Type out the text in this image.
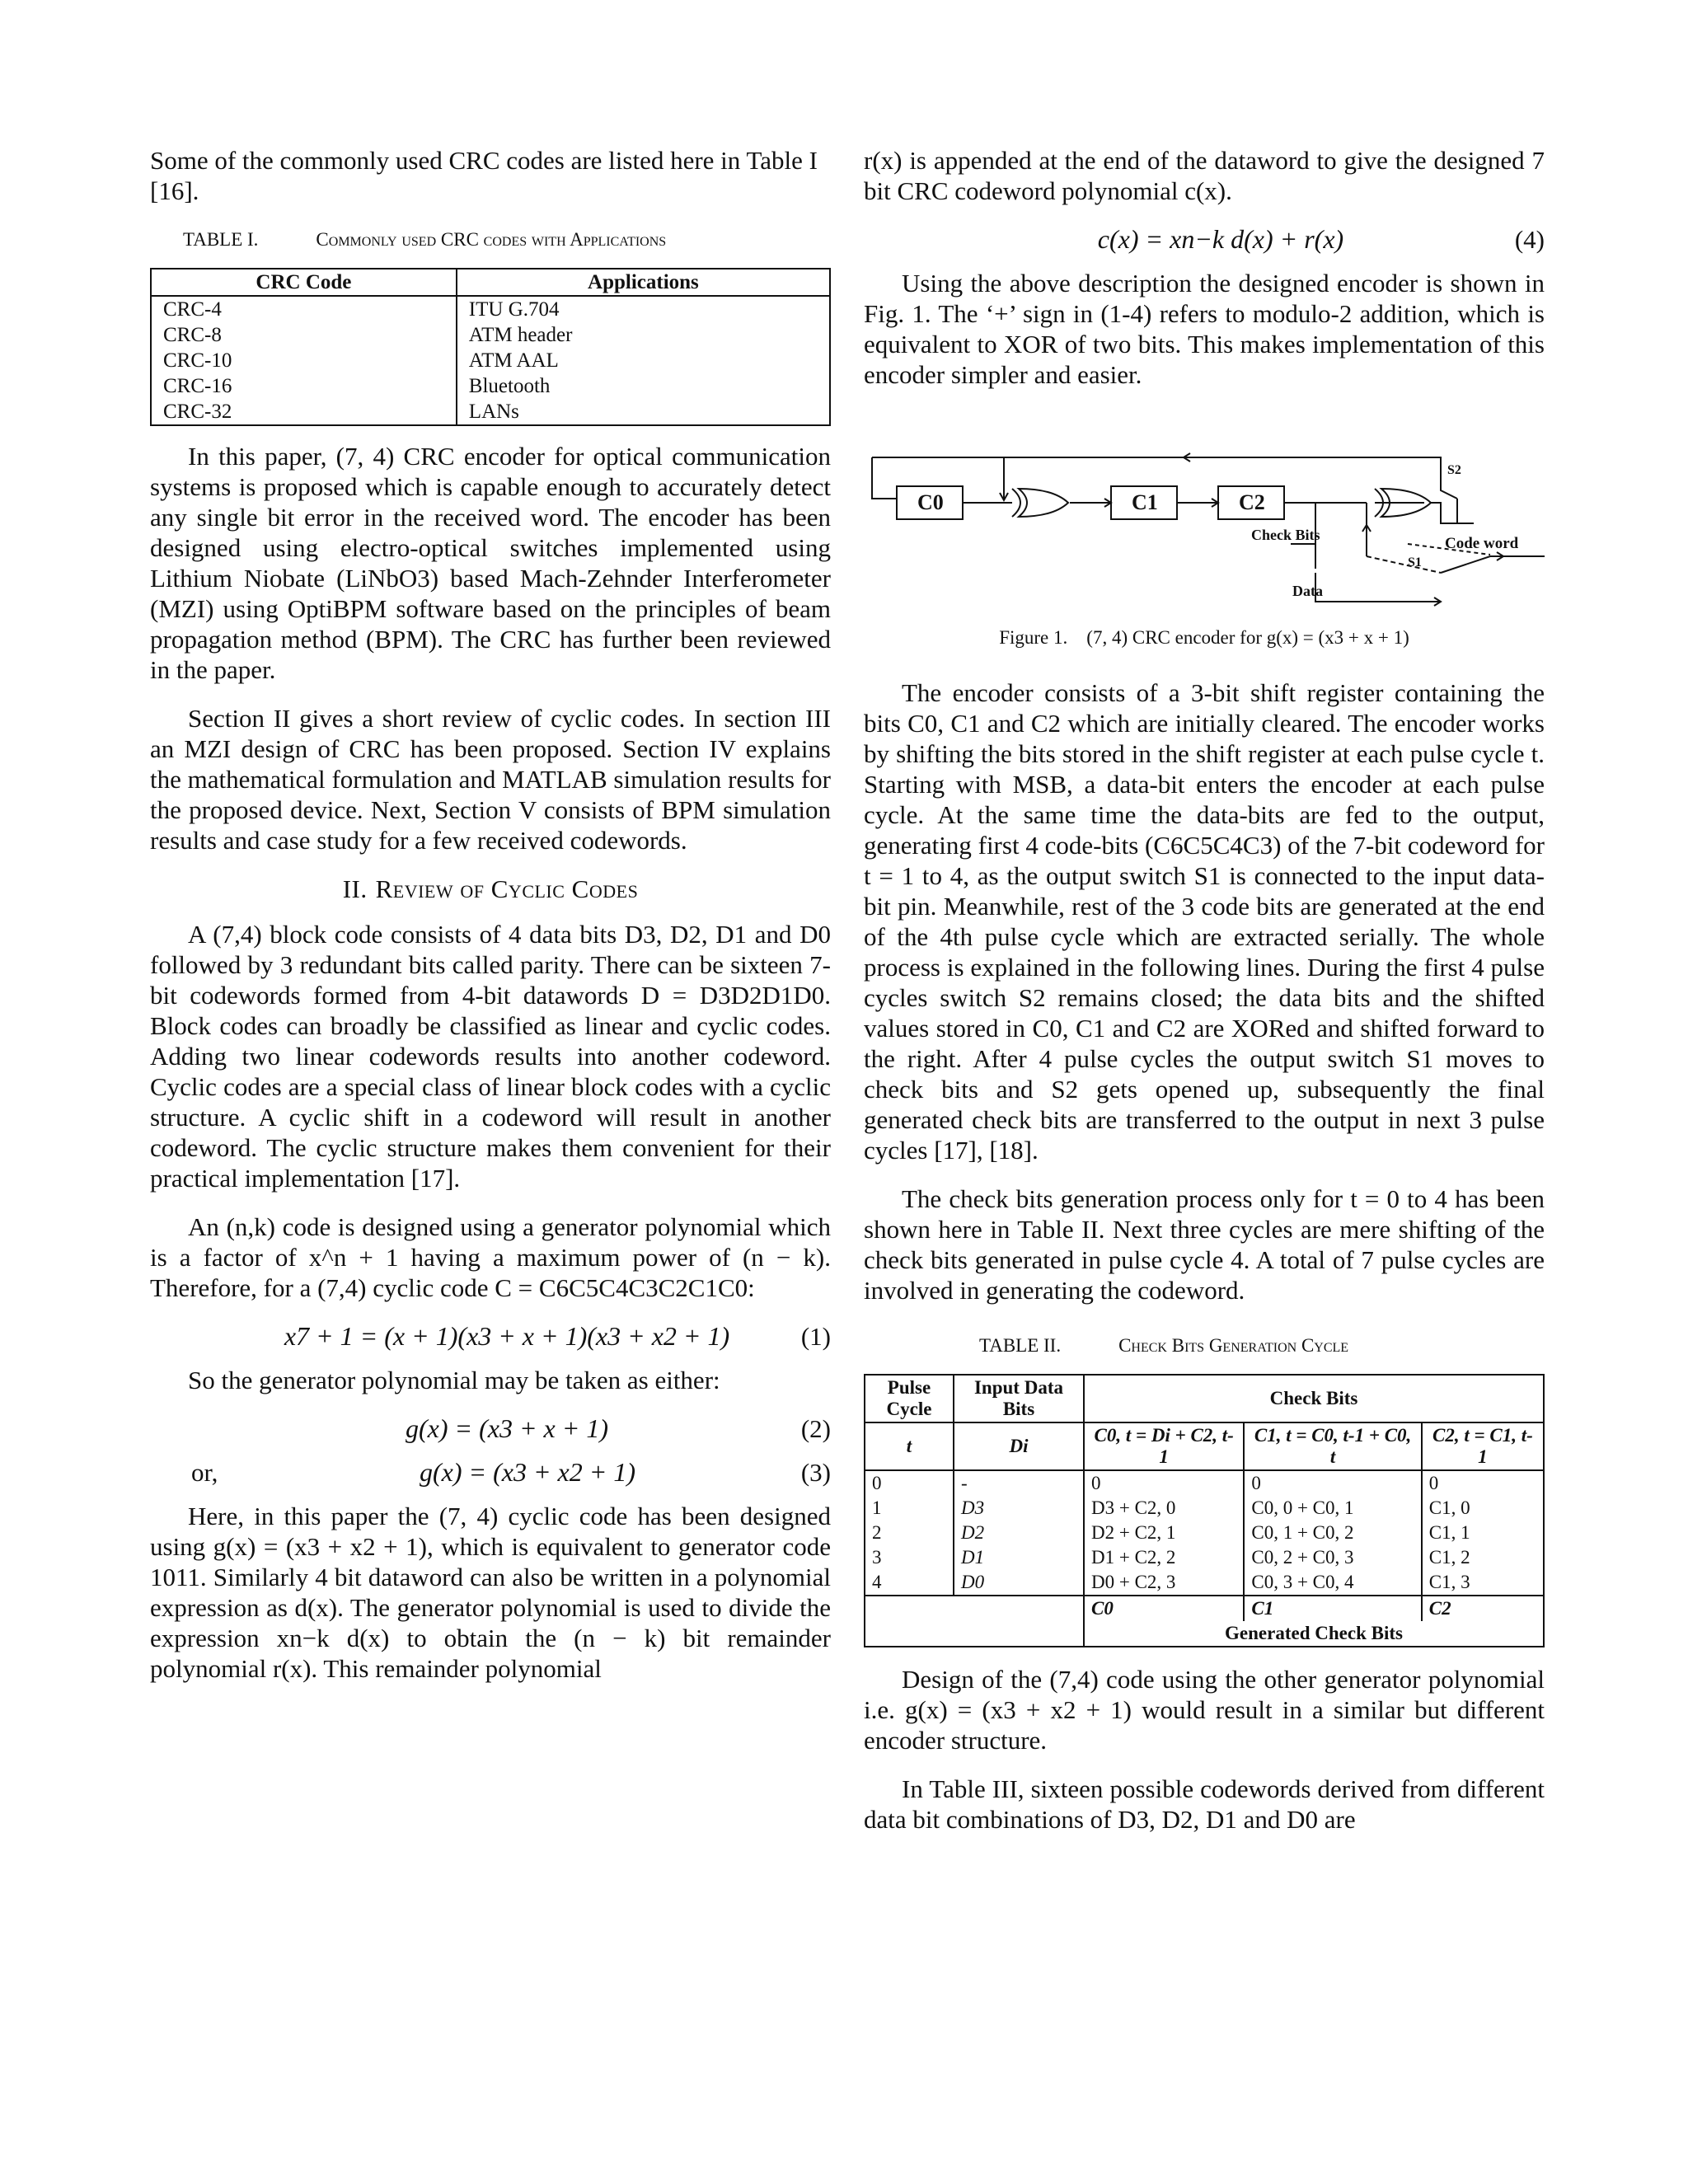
Some of the commonly used CRC codes are listed here in Table I [16].

TABLE I.	Commonly used CRC codes with Applications
CRC Code	Applications
CRC-4	ITU G.704
CRC-8	ATM header
CRC-10	ATM AAL
CRC-16	Bluetooth
CRC-32	LANs

In this paper, (7, 4) CRC encoder for optical communication systems is proposed which is capable enough to accurately detect any single bit error in the received word. The encoder has been designed using electro-optical switches implemented using Lithium Niobate (LiNbO3) based Mach-Zehnder Interferometer (MZI) using OptiBPM software based on the principles of beam propagation method (BPM). The CRC has further been reviewed in the paper.

Section II gives a short review of cyclic codes. In section III an MZI design of CRC has been proposed. Section IV explains the mathematical formulation and MATLAB simulation results for the proposed device. Next, Section V consists of BPM simulation results and case study for a few received codewords.

II. Review of Cyclic Codes

A (7,4) block code consists of 4 data bits D3, D2, D1 and D0 followed by 3 redundant bits called parity. There can be sixteen 7-bit codewords formed from 4-bit datawords D = D3D2D1D0. Block codes can broadly be classified as linear and cyclic codes. Adding two linear codewords results into another codeword. Cyclic codes are a special class of linear block codes with a cyclic structure. A cyclic shift in a codeword will result in another codeword. The cyclic structure makes them convenient for their practical implementation [17].

An (n,k) code is designed using a generator polynomial which is a factor of x^n + 1 having a maximum power of (n − k). Therefore, for a (7,4) cyclic code C = C6C5C4C3C2C1C0:

x7 + 1 = (x + 1)(x3 + x + 1)(x3 + x2 + 1)	(1)

So the generator polynomial may be taken as either:

g(x) = (x3 + x + 1)	(2)
or,	g(x) = (x3 + x2 + 1)	(3)

Here, in this paper the (7, 4) cyclic code has been designed using g(x) = (x3 + x2 + 1), which is equivalent to generator code 1011. Similarly 4 bit dataword can also be written in a polynomial expression as d(x). The generator polynomial is used to divide the expression xn−k d(x) to obtain the (n − k) bit remainder polynomial r(x). This remainder polynomial

r(x) is appended at the end of the dataword to give the designed 7 bit CRC codeword polynomial c(x).

c(x) = xn−k d(x) + r(x)	(4)

Using the above description the designed encoder is shown in Fig. 1. The ‘+’ sign in (1-4) refers to modulo-2 addition, which is equivalent to XOR of two bits. This makes implementation of this encoder simpler and easier.

C0	C1	C2
Check Bits
Data
Code word
S1
S2
Figure 1. (7, 4) CRC encoder for g(x) = (x3 + x + 1)

The encoder consists of a 3-bit shift register containing the bits C0, C1 and C2 which are initially cleared. The encoder works by shifting the bits stored in the shift register at each pulse cycle t. Starting with MSB, a data-bit enters the encoder at each pulse cycle. At the same time the data-bits are fed to the output, generating first 4 code-bits (C6C5C4C3) of the 7-bit codeword for t = 1 to 4, as the output switch S1 is connected to the input data-bit pin. Meanwhile, rest of the 3 code bits are generated at the end of the 4th pulse cycle which are extracted serially. The whole process is explained in the following lines. During the first 4 pulse cycles switch S2 remains closed; the data bits and the shifted values stored in C0, C1 and C2 are XORed and shifted forward to the right. After 4 pulse cycles the output switch S1 moves to check bits and S2 gets opened up, subsequently the final generated check bits are transferred to the output in next 3 pulse cycles [17], [18].

The check bits generation process only for t = 0 to 4 has been shown here in Table II. Next three cycles are mere shifting of the check bits generated in pulse cycle 4. A total of 7 pulse cycles are involved in generating the codeword.

TABLE II.	Check Bits Generation Cycle
Pulse Cycle	Input Data Bits	Check Bits		
t	Di	C0, t = Di + C2, t-1	C1, t = C0, t-1 + C0, t	C2, t = C1, t-1
0	-	0	0	0
1	D3	D3 + C2, 0	C0, 0 + C0, 1	C1, 0
2	D2	D2 + C2, 1	C0, 1 + C0, 2	C1, 1
3	D1	D1 + C2, 2	C0, 2 + C0, 3	C1, 2
4	D0	D0 + C2, 3	C0, 3 + C0, 4	C1, 3
		C0	C1	C2
		Generated Check Bits		

Design of the (7,4) code using the other generator polynomial i.e. g(x) = (x3 + x2 + 1) would result in a similar but different encoder structure.

In Table III, sixteen possible codewords derived from different data bit combinations of D3, D2, D1 and D0 are
